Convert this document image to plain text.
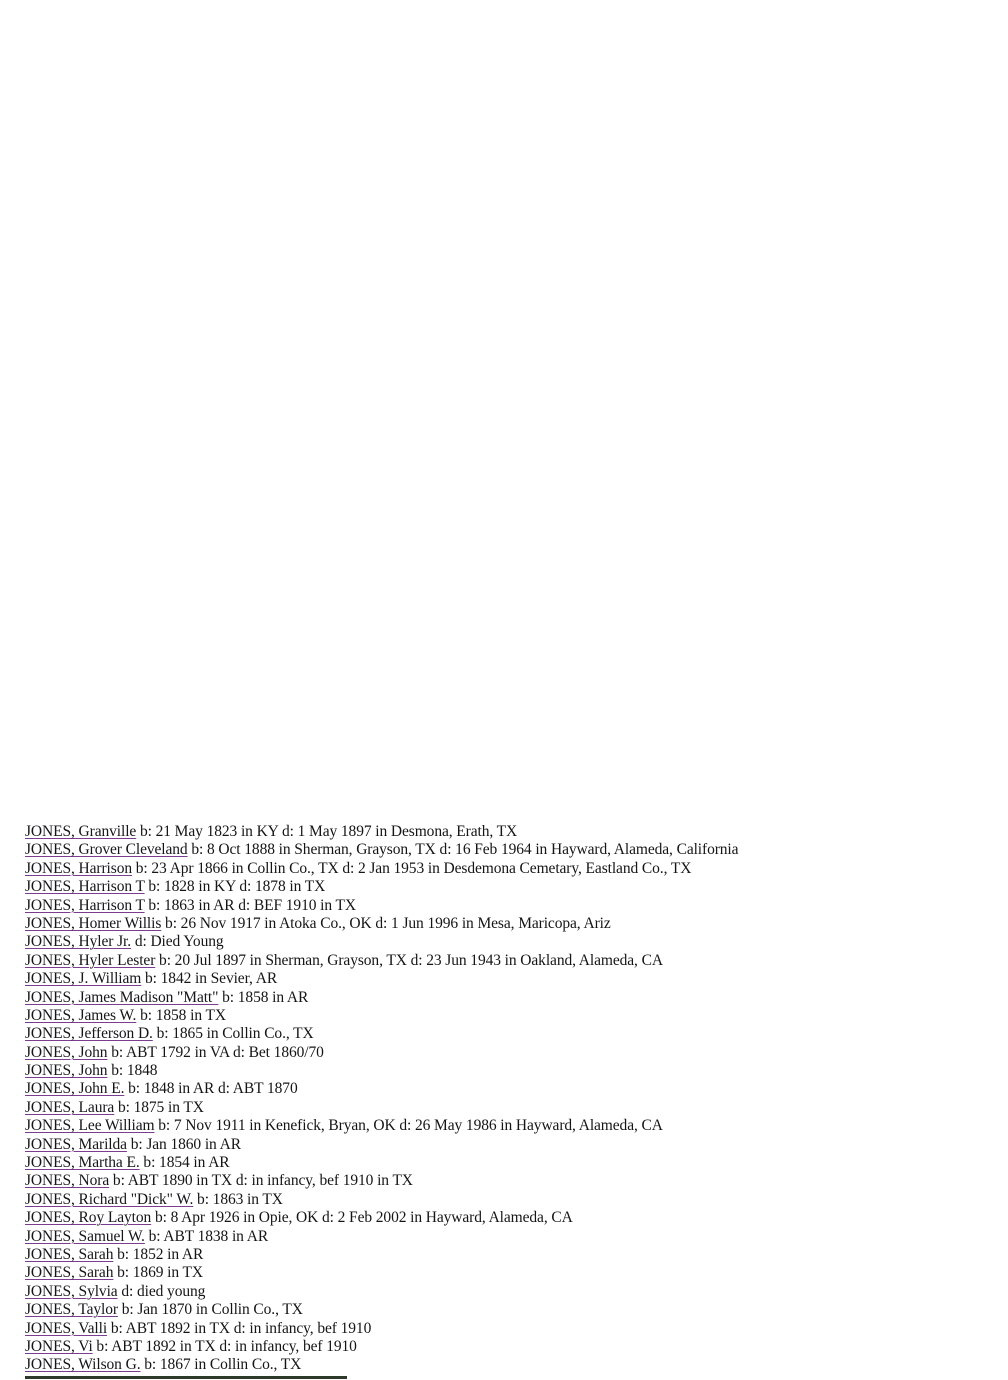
JONES, Granville b: 21 May 1823 in KY d: 1 May 1897 in Desmona, Erath, TX
JONES, Grover Cleveland b: 8 Oct 1888 in Sherman, Grayson, TX d: 16 Feb 1964 in Hayward, Alameda, California
JONES, Harrison b: 23 Apr 1866 in Collin Co., TX d: 2 Jan 1953 in Desdemona Cemetary, Eastland Co., TX
JONES, Harrison T b: 1828 in KY d: 1878 in TX
JONES, Harrison T b: 1863 in AR d: BEF 1910 in TX
JONES, Homer Willis b: 26 Nov 1917 in Atoka Co., OK d: 1 Jun 1996 in Mesa, Maricopa, Ariz
JONES, Hyler Jr. d: Died Young
JONES, Hyler Lester b: 20 Jul 1897 in Sherman, Grayson, TX d: 23 Jun 1943 in Oakland, Alameda, CA
JONES, J. William b: 1842 in Sevier, AR
JONES, James Madison "Matt" b: 1858 in AR
JONES, James W. b: 1858 in TX
JONES, Jefferson D. b: 1865 in Collin Co., TX
JONES, John b: ABT 1792 in VA d: Bet 1860/70
JONES, John b: 1848
JONES, John E. b: 1848 in AR d: ABT 1870
JONES, Laura b: 1875 in TX
JONES, Lee William b: 7 Nov 1911 in Kenefick, Bryan, OK d: 26 May 1986 in Hayward, Alameda, CA
JONES, Marilda b: Jan 1860 in AR
JONES, Martha E. b: 1854 in AR
JONES, Nora b: ABT 1890 in TX d: in infancy, bef 1910 in TX
JONES, Richard "Dick" W. b: 1863 in TX
JONES, Roy Layton b: 8 Apr 1926 in Opie, OK d: 2 Feb 2002 in Hayward, Alameda, CA
JONES, Samuel W. b: ABT 1838 in AR
JONES, Sarah b: 1852 in AR
JONES, Sarah b: 1869 in TX
JONES, Sylvia d: died young
JONES, Taylor b: Jan 1870 in Collin Co., TX
JONES, Valli b: ABT 1892 in TX d: in infancy, bef 1910
JONES, Vi b: ABT 1892 in TX d: in infancy, bef 1910
JONES, Wilson G. b: 1867 in Collin Co., TX
